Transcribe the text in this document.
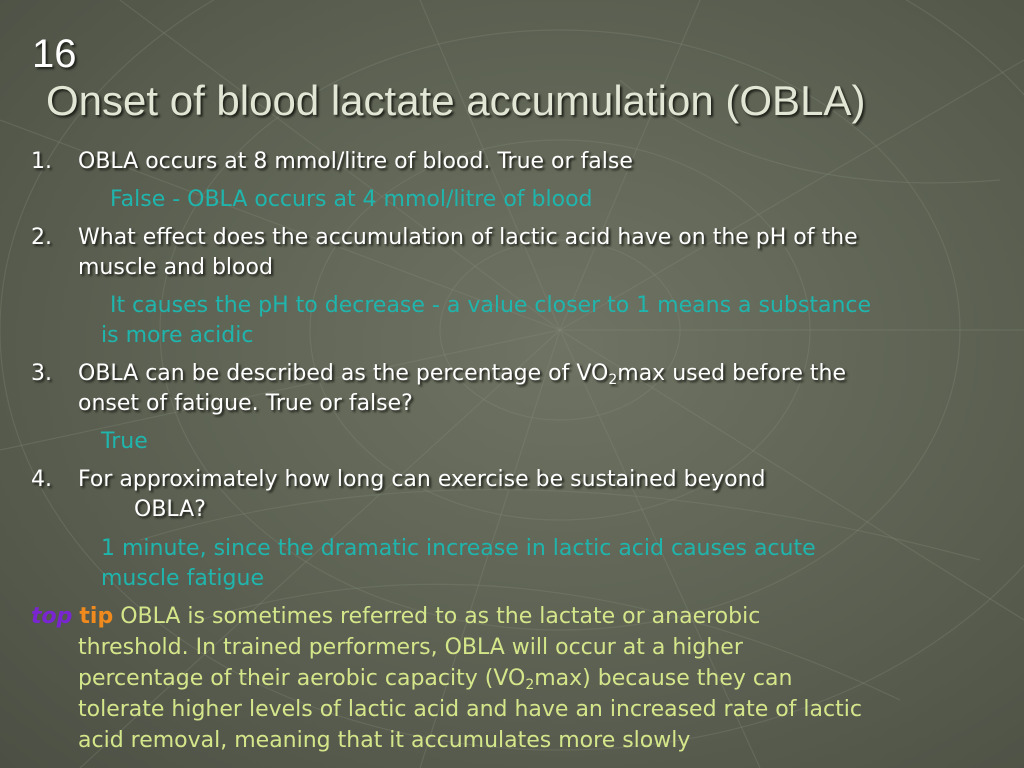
16
Onset of blood lactate accumulation (OBLA)
1. OBLA occurs at 8 mmol/litre of blood. True or false
False - OBLA occurs at 4 mmol/litre of blood
2. What effect does the accumulation of lactic acid have on the pH of the
muscle and blood
It causes the pH to decrease - a value closer to 1 means a substance
is more acidic
3. OBLA can be described as the percentage of $VO_2\max$ used before the
onset of fatigue. True or false?
True
4. For approximately how long can exercise be sustained beyond
OBLA?
1 minute, since the dramatic increase in lactic acid causes acute
muscle fatigue
top tip OBLA is sometimes referred to as the lactate or anaerobic
threshold. In trained performers, OBLA will occur at a higher
percentage of their aerobic capacity $(VO_2\max)$ because they can
tolerate higher levels of lactic acid and have an increased rate of lactic
acid removal, meaning that it accumulates more slowly
